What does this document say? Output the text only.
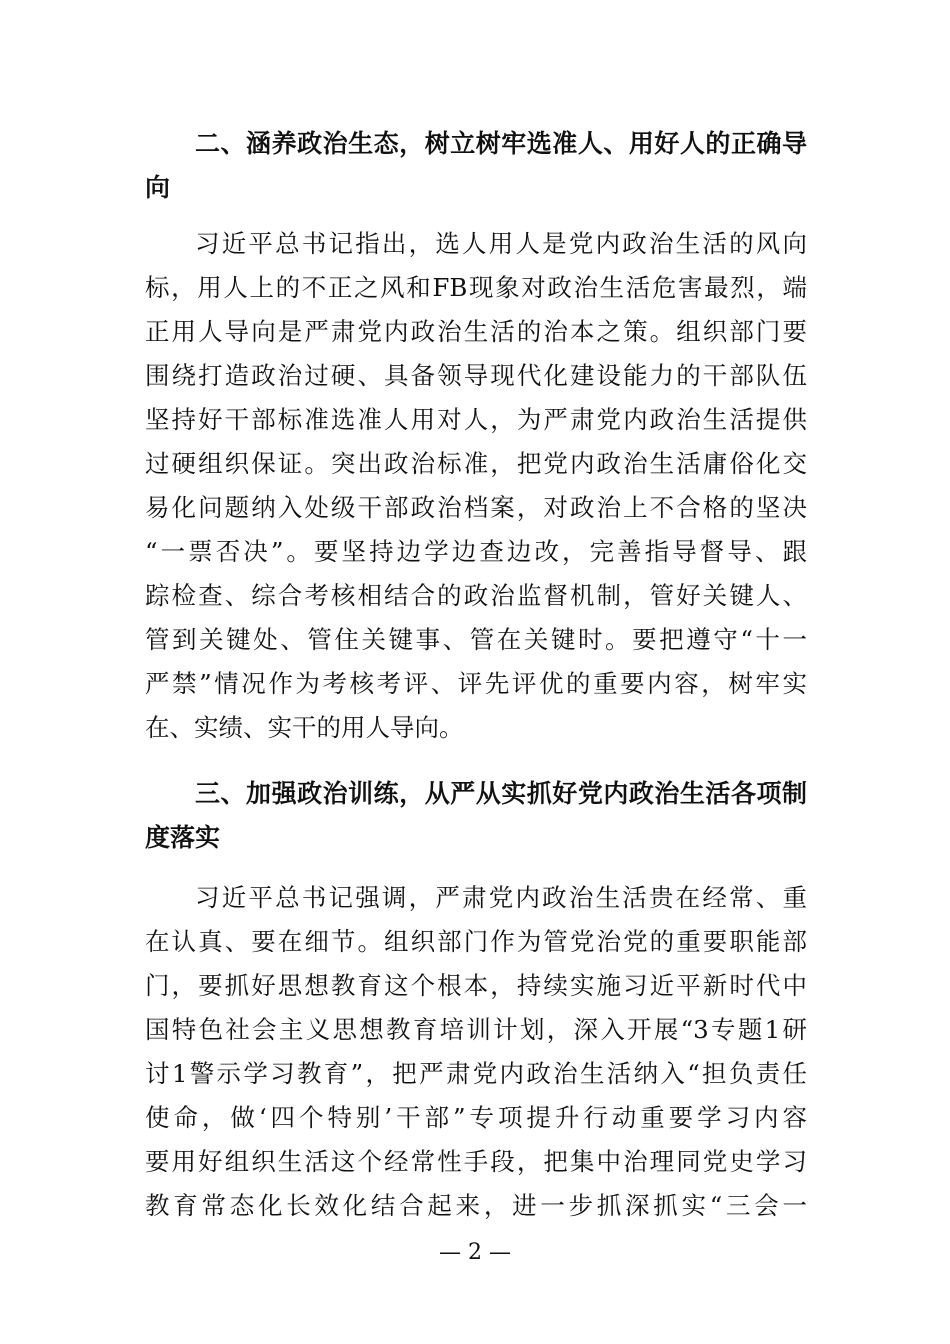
二、涵养政治生态，树立树牢选准人、用好人的正确导向

习近平总书记指出，选人用人是党内政治生活的风向

标，用人上的不正之风和FB现象对政治生活危害最烈，端

正用人导向是严肃党内政治生活的治本之策。组织部门要

围绕打造政治过硬、具备领导现代化建设能力的干部队伍

坚持好干部标准选准人用对人，为严肃党内政治生活提供

过硬组织保证。突出政治标准，把党内政治生活庸俗化交

易化问题纳入处级干部政治档案，对政治上不合格的坚决

“一票否决”。要坚持边学边查边改，完善指导督导、跟

踪检查、综合考核相结合的政治监督机制，管好关键人、

管到关键处、管住关键事、管在关键时。要把遵守“十一

严禁”情况作为考核考评、评先评优的重要内容，树牢实

在、实绩、实干的用人导向。

三、加强政治训练，从严从实抓好党内政治生活各项制度落实

习近平总书记强调，严肃党内政治生活贵在经常、重

在认真、要在细节。组织部门作为管党治党的重要职能部

门，要抓好思想教育这个根本，持续实施习近平新时代中

国特色社会主义思想教育培训计划，深入开展“3专题1研

讨1警示学习教育”，把严肃党内政治生活纳入“担负责任

使命，做‘四个特别’干部”专项提升行动重要学习内容

要用好组织生活这个经常性手段，把集中治理同党史学习

教育常态化长效化结合起来，进一步抓深抓实“三会一

— 2 —
